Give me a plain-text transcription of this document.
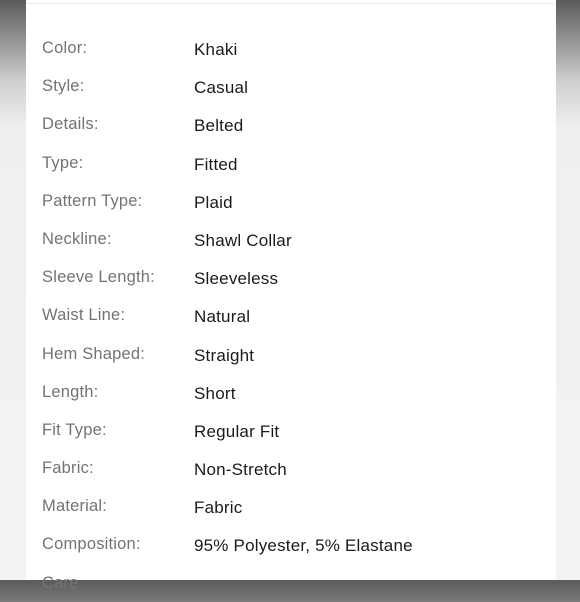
Color:	Khaki
Style:	Casual
Details:	Belted
Type:	Fitted
Pattern Type:	Plaid
Neckline:	Shawl Collar
Sleeve Length: Sleeveless
Waist Line:	Natural
Hem Shaped:	Straight
Length:	Short
Fit Type:	Regular Fit
Fabric:	Non-Stretch
Material:	Fabric
Composition:	95% Polyester, 5% Elastane
Care
